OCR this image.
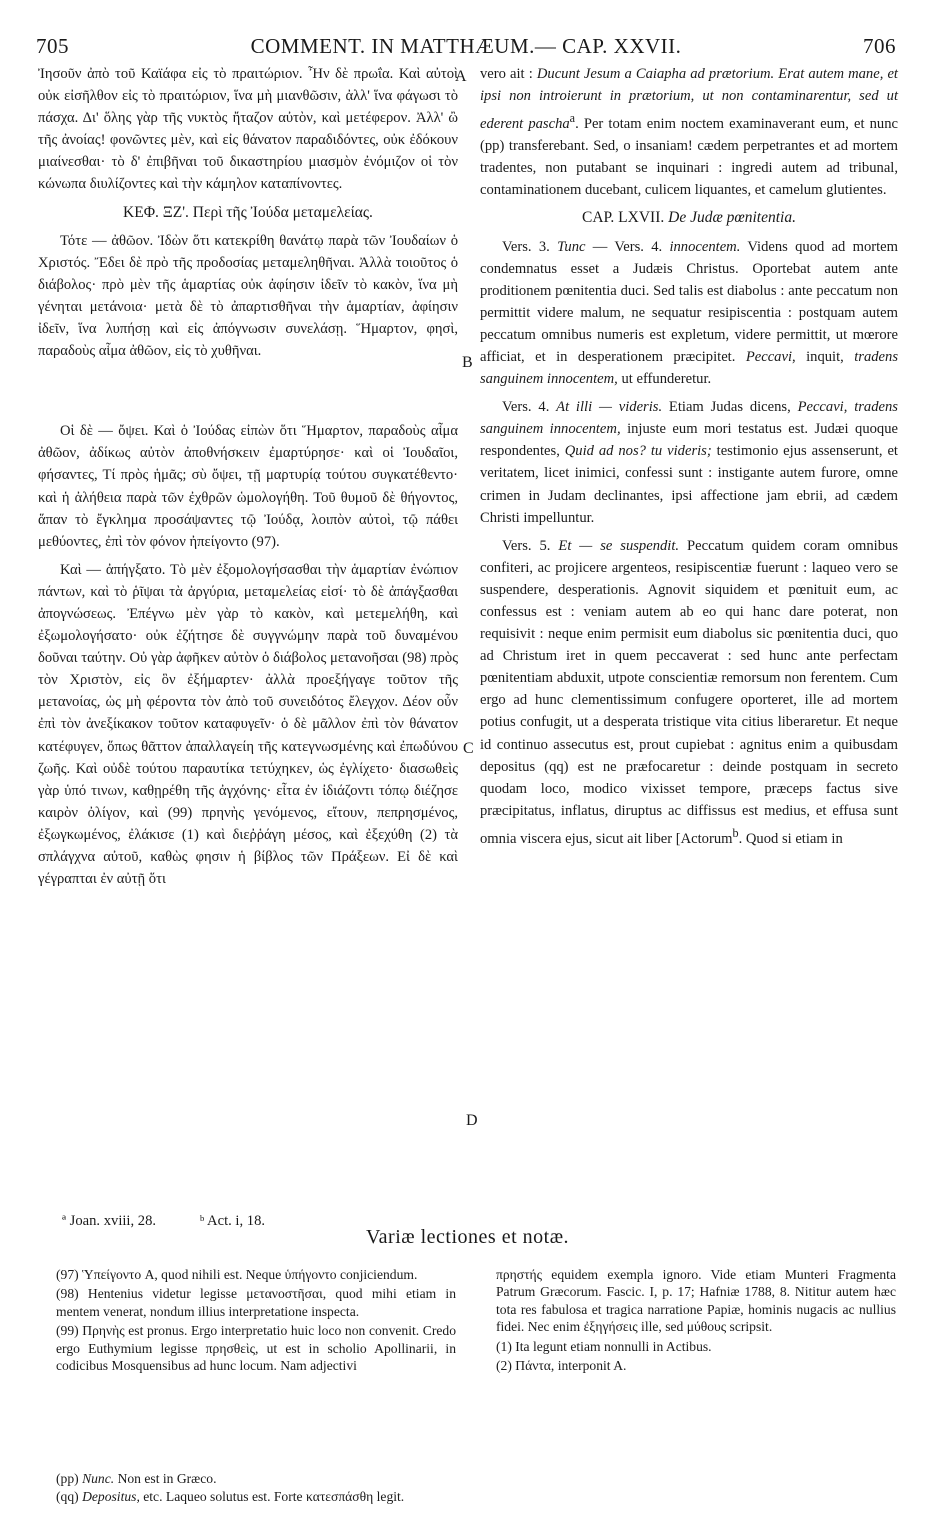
705	COMMENT. IN MATTHÆUM.— CAP. XXVII.	706
A
B
C
D

Ἰησοῦν ἀπὸ τοῦ Καϊάφα εἰς τὸ πραιτώριον. Ἦν δὲ πρωΐα. Καὶ αὐτοὶ οὐκ εἰσῆλθον εἰς τὸ πραιτώριον, ἵνα μὴ μιανθῶσιν, ἀλλ' ἵνα φάγωσι τὸ πάσχα. Δι' ὅλης γὰρ τῆς νυκτὸς ἤταζον αὐτὸν, καὶ μετέφερον. Ἀλλ' ὢ τῆς ἀνοίας! φονῶντες μὲν, καὶ εἰς θάνατον παραδιδόντες, οὐκ ἐδόκουν μιαίνεσθαι· τὸ δ' ἐπιβῆναι τοῦ δικαστηρίου μιασμὸν ἐνόμιζον οἱ τὸν κώνωπα διυλίζοντες καὶ τὴν κάμηλον καταπίνοντες.

ΚΕΦ. ΞΖ'. Περὶ τῆς Ἰούδα μεταμελείας.

Τότε — ἀθῶον. Ἰδὼν ὅτι κατεκρίθη θανάτῳ παρὰ τῶν Ἰουδαίων ὁ Χριστός. Ἔδει δὲ πρὸ τῆς προδοσίας μεταμεληθῆναι. Ἀλλὰ τοιοῦτος ὁ διάβολος· πρὸ μὲν τῆς ἁμαρτίας οὐκ ἀφίησιν ἰδεῖν τὸ κακὸν, ἵνα μὴ γένηται μετάνοια· μετὰ δὲ τὸ ἀπαρτισθῆναι τὴν ἁμαρτίαν, ἀφίησιν ἰδεῖν, ἵνα λυπήσῃ καὶ εἰς ἀπόγνωσιν συνελάσῃ. Ἥμαρτον, φησὶ, παραδοὺς αἷμα ἀθῶον, εἰς τὸ χυθῆναι.

Οἱ δὲ — ὄψει. Καὶ ὁ Ἰούδας εἰπὼν ὅτι Ἥμαρτον, παραδοὺς αἷμα ἀθῶον, ἀδίκως αὐτὸν ἀποθνήσκειν ἐμαρτύρησε· καὶ οἱ Ἰουδαῖοι, φήσαντες, Τί πρὸς ἡμᾶς; σὺ ὄψει, τῇ μαρτυρίᾳ τούτου συγκατέθεντο· καὶ ἡ ἀλήθεια παρὰ τῶν ἐχθρῶν ὡμολογήθη. Τοῦ θυμοῦ δὲ θήγοντος, ἅπαν τὸ ἔγκλημα προσάψαντες τῷ Ἰούδᾳ, λοιπὸν αὐτοὶ, τῷ πάθει μεθύοντες, ἐπὶ τὸν φόνον ἠπείγοντο (97).

Καὶ — ἀπήγξατο. Τὸ μὲν ἐξομολογήσασθαι τὴν ἁμαρτίαν ἐνώπιον πάντων, καὶ τὸ ῥῖψαι τὰ ἀργύρια, μεταμελείας εἰσί· τὸ δὲ ἀπάγξασθαι ἀπογνώσεως. Ἐπέγνω μὲν γὰρ τὸ κακὸν, καὶ μετεμελήθη, καὶ ἐξωμολογήσατο· οὐκ ἐζήτησε δὲ συγγνώμην παρὰ τοῦ δυναμένου δοῦναι ταύτην. Οὐ γὰρ ἀφῆκεν αὐτὸν ὁ διάβολος μετανοῆσαι (98) πρὸς τὸν Χριστὸν, εἰς ὃν ἐξήμαρτεν· ἀλλὰ προεξήγαγε τοῦτον τῆς μετανοίας, ὡς μὴ φέροντα τὸν ἀπὸ τοῦ συνειδότος ἔλεγχον. Δέον οὖν ἐπὶ τὸν ἀνεξίκακον τοῦτον καταφυγεῖν· ὁ δὲ μᾶλλον ἐπὶ τὸν θάνατον κατέφυγεν, ὅπως θᾶττον ἀπαλλαγείη τῆς κατεγνωσμένης καὶ ἐπωδύνου ζωῆς. Καὶ οὐδὲ τούτου παραυτίκα τετύχηκεν, ὡς ἐγλίχετο· διασωθεὶς γὰρ ὑπό τινων, καθῃρέθη τῆς ἀγχόνης· εἶτα ἐν ἰδιάζοντι τόπῳ διέζησε καιρὸν ὀλίγον, καὶ (99) πρηνὴς γενόμενος, εἴτουν, πεπρησμένος, ἐξωγκωμένος, ἐλάκισε (1) καὶ διεῤῥάγη μέσος, καὶ ἐξεχύθη (2) τὰ σπλάγχνα αὐτοῦ, καθὼς φησιν ἡ βίβλος τῶν Πράξεων. Εἰ δὲ καὶ γέγραπται ἐν αὐτῇ ὅτι

vero ait : Ducunt Jesum a Caiapha ad prætorium. Erat autem mane, et ipsi non introierunt in prætorium, ut non contaminarentur, sed ut ederent pascha$^a$. Per totam enim noctem examinaverant eum, et nunc (pp) transferebant. Sed, o insaniam! cædem perpetrantes et ad mortem tradentes, non putabant se inquinari : ingredi autem ad tribunal, contaminationem ducebant, culicem liquantes, et camelum glutientes.

CAP. LXVII. De Judæ pœnitentia.

Vers. 3. Tunc — Vers. 4. innocentem. Videns quod ad mortem condemnatus esset a Judæis Christus. Oportebat autem ante proditionem pœnitentia duci. Sed talis est diabolus : ante peccatum non permittit videre malum, ne sequatur resipiscentia : postquam autem peccatum omnibus numeris est expletum, videre permittit, ut mœrore afficiat, et in desperationem præcipitet. Peccavi, inquit, tradens sanguinem innocentem, ut effunderetur.

Vers. 4. At illi — videris. Etiam Judas dicens, Peccavi, tradens sanguinem innocentem, injuste eum mori testatus est. Judæi quoque respondentes, Quid ad nos? tu videris; testimonio ejus assenserunt, et veritatem, licet inimici, confessi sunt : instigante autem furore, omne crimen in Judam declinantes, ipsi affectione jam ebrii, ad cædem Christi impelluntur.

Vers. 5. Et — se suspendit. Peccatum quidem coram omnibus confiteri, ac projicere argenteos, resipiscentiæ fuerunt : laqueo vero se suspendere, desperationis. Agnovit siquidem et pœnituit eum, ac confessus est : veniam autem ab eo qui hanc dare poterat, non requisivit : neque enim permisit eum diabolus sic pœnitentia duci, quo ad Christum iret in quem peccaverat : sed hunc ante perfectam pœnitentiam abduxit, utpote conscientiæ remorsum non ferentem. Cum ergo ad hunc clementissimum confugere oporteret, ille ad mortem potius confugit, ut a desperata tristique vita citius liberaretur. Et neque id continuo assecutus est, prout cupiebat : agnitus enim a quibusdam depositus (qq) est ne præfocaretur : deinde postquam in secreto quodam loco, modico vixisset tempore, præceps factus sive præcipitatus, inflatus, diruptus ac diffissus est medius, et effusa sunt omnia viscera ejus, sicut ait liber [Actorum$^b$. Quod si etiam in

ª Joan. xviii, 28.	ᵇ Act. i, 18.
Variæ lectiones et notæ.

(97) Ὑπείγοντο A, quod nihili est. Neque ὑπήγοντο conjiciendum.

(98) Hentenius videtur legisse μετανοστῆσαι, quod mihi etiam in mentem venerat, nondum illius interpretatione inspecta.

(99) Πρηνὴς est pronus. Ergo interpretatio huic loco non convenit. Credo ergo Euthymium legisse πρησθεὶς, ut est in scholio Apollinarii, in codicibus Mosquensibus ad hunc locum. Nam adjectivi

πρηστής equidem exempla ignoro. Vide etiam Munteri Fragmenta Patrum Græcorum. Fascic. I, p. 17; Hafniæ 1788, 8. Nititur autem hæc tota res fabulosa et tragica narratione Papiæ, hominis nugacis ac nullius fidei. Nec enim ἐξηγήσεις ille, sed μύθους scripsit.

(1) Ita legunt etiam nonnulli in Actibus.

(2) Πάντα, interponit A.

(pp) Nunc. Non est in Græco.

(qq) Depositus, etc. Laqueo solutus est. Forte κατεσπάσθη legit.
